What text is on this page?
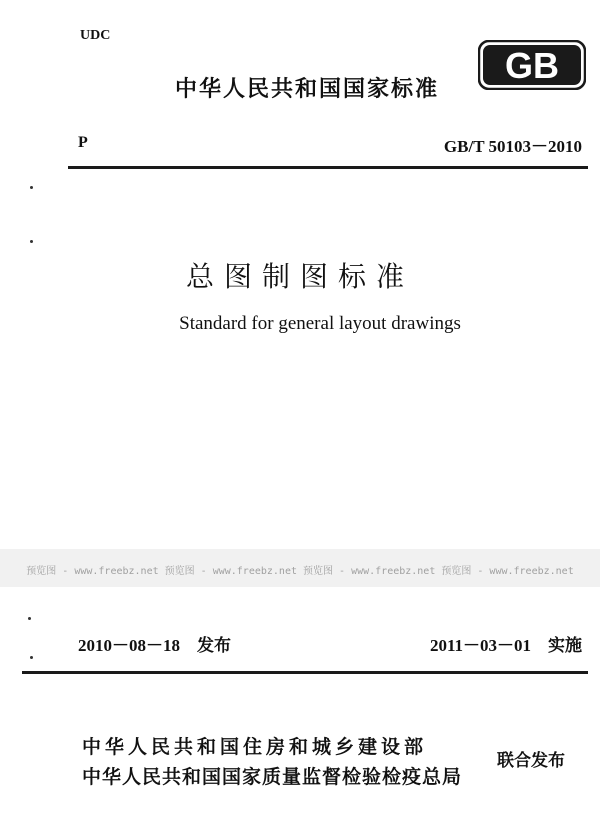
UDC
中华人民共和国国家标准
GB
P	GB/T 50103－2010
总图制图标准
Standard for general layout drawings
预览图 - www.freebz.net 预览图 - www.freebz.net 预览图 - www.freebz.net 预览图 - www.freebz.net
2010－08－18　发布	2011－03－01　实施
中华人民共和国住房和城乡建设部
中华人民共和国国家质量监督检验检疫总局
联合发布
